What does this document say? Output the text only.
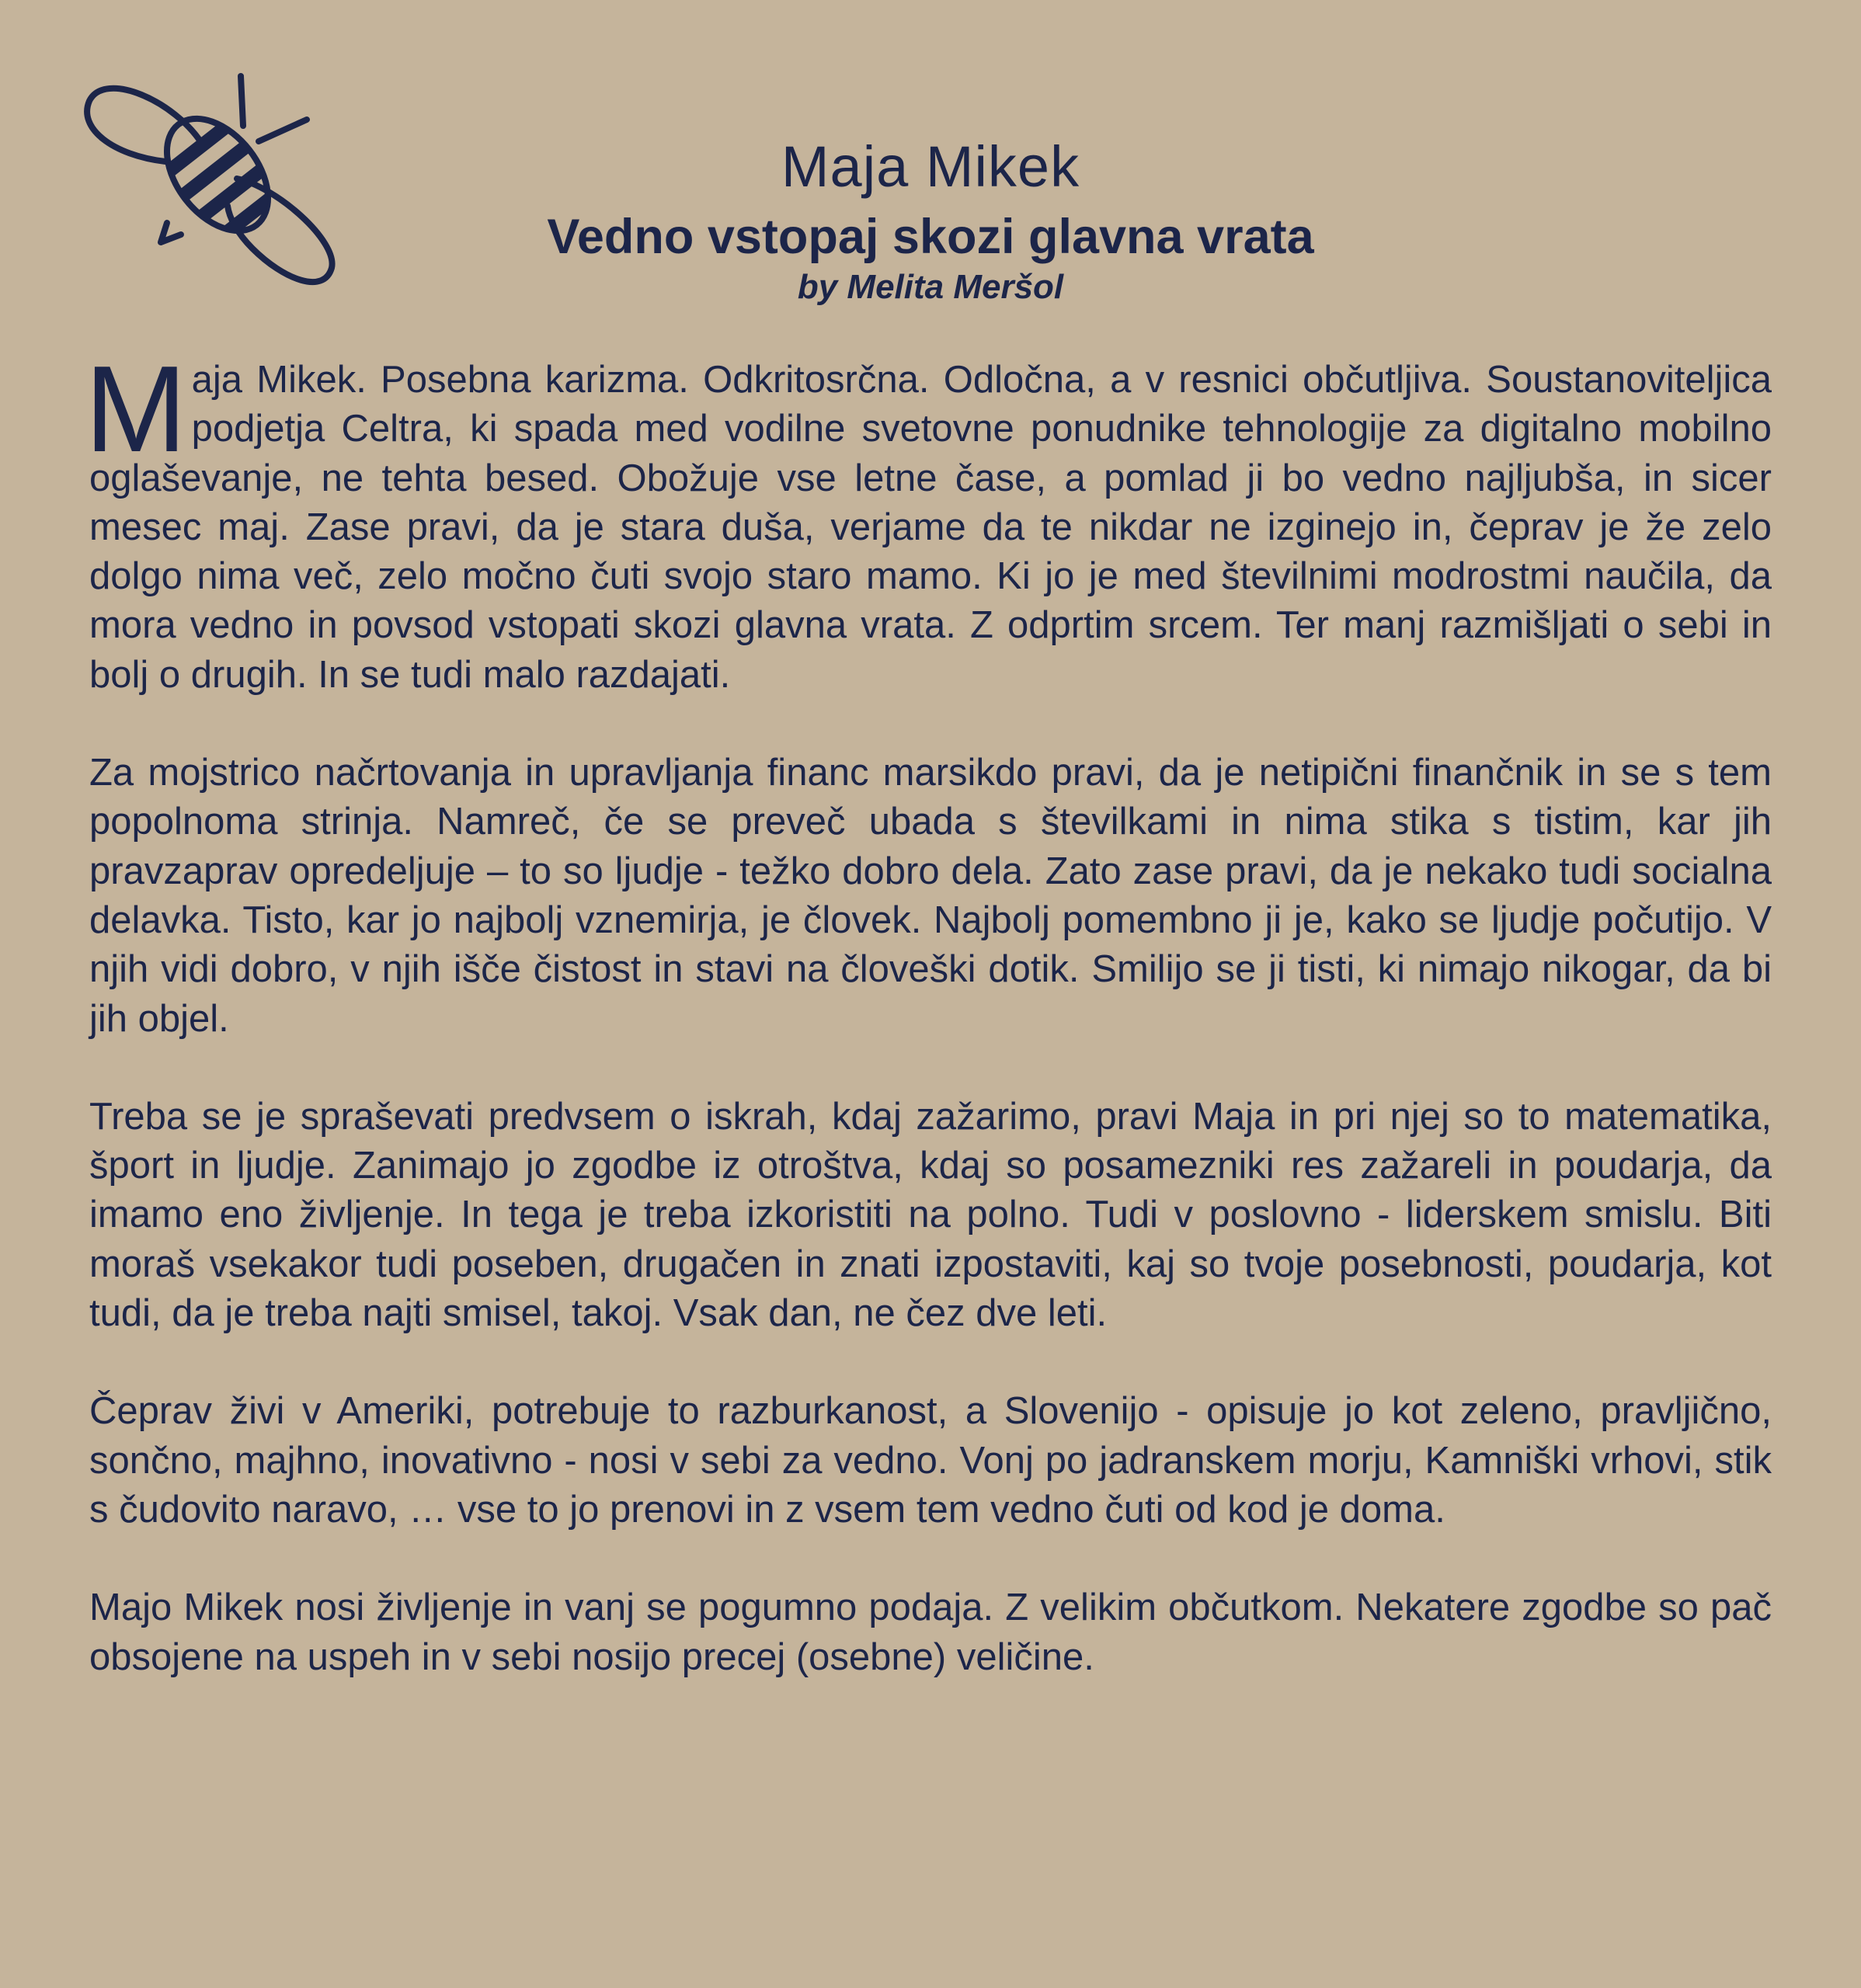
Maja Mikek
Vedno vstopaj skozi glavna vrata
by Melita Meršol

Maja Mikek. Posebna karizma. Odkritosrčna. Odločna, a v resnici občutljiva. Soustanoviteljica podjetja Celtra, ki spada med vodilne svetovne ponudnike tehnologije za digitalno mobilno oglaševanje, ne tehta besed. Obožuje vse letne čase, a pomlad ji bo vedno najljubša, in sicer mesec maj. Zase pravi, da je stara duša, verjame da te nikdar ne izginejo in, čeprav je že zelo dolgo nima več, zelo močno čuti svojo staro mamo. Ki jo je med številnimi modrostmi naučila, da mora vedno in povsod vstopati skozi glavna vrata. Z odprtim srcem. Ter manj razmišljati o sebi in bolj o drugih. In se tudi malo razdajati.

Za mojstrico načrtovanja in upravljanja financ marsikdo pravi, da je netipični finančnik in se s tem popolnoma strinja. Namreč, če se preveč ubada s številkami in nima stika s tistim, kar jih pravzaprav opredeljuje – to so ljudje - težko dobro dela. Zato zase pravi, da je nekako tudi socialna delavka. Tisto, kar jo najbolj vznemirja, je človek. Najbolj pomembno ji je, kako se ljudje počutijo. V njih vidi dobro, v njih išče čistost in stavi na človeški dotik. Smilijo se ji tisti, ki nimajo nikogar, da bi jih objel.

Treba se je spraševati predvsem o iskrah, kdaj zažarimo, pravi Maja in pri njej so to matematika, šport in ljudje. Zanimajo jo zgodbe iz otroštva, kdaj so posamezniki res zažareli in poudarja, da imamo eno življenje. In tega je treba izkoristiti na polno. Tudi v poslovno - liderskem smislu. Biti moraš vsekakor tudi poseben, drugačen in znati izpostaviti, kaj so tvoje posebnosti, poudarja, kot tudi, da je treba najti smisel, takoj. Vsak dan, ne čez dve leti.

Čeprav živi v Ameriki, potrebuje to razburkanost, a Slovenijo - opisuje jo kot zeleno, pravljično, sončno, majhno, inovativno - nosi v sebi za vedno. Vonj po jadranskem morju, Kamniški vrhovi, stik s čudovito naravo, … vse to jo prenovi in z vsem tem vedno čuti od kod je doma.

Majo Mikek nosi življenje in vanj se pogumno podaja. Z velikim občutkom. Nekatere zgodbe so pač obsojene na uspeh in v sebi nosijo precej (osebne) veličine.
